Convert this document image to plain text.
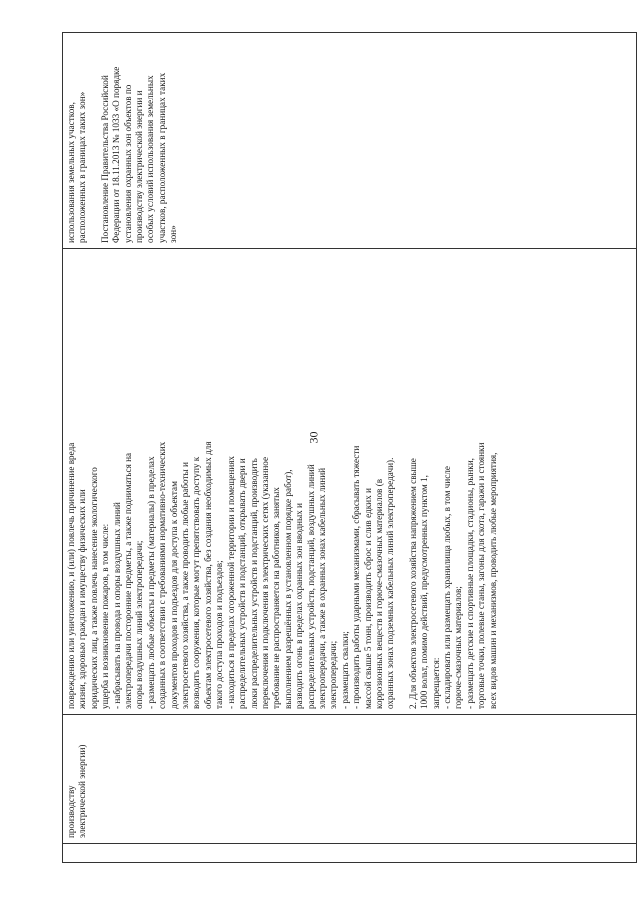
30

производству электрической энергии)

повреждению или уничтожению, и (или) повлечь причинение вреда жизни, здоровью граждан и имуществу физических или юридических лиц, а также повлечь нанесение экологического ущерба и возникновение пожаров, в том числе: - набрасывать на провода и опоры воздушных линий электропередачи посторонние предметы, а также подниматься на опоры воздушных линий электропередачи; - размещать любые объекты и предметы (материалы) в пределах созданных в соответствии с требованиями нормативно-технических документов проходов и подъездов для доступа к объектам электросетевого хозяйства, а также проводить любые работы и возводить сооружения, которые могут препятствовать доступу к объектам электросетевого хозяйства, без создания необходимых для такого доступа проходов и подъездов; - находиться в пределах огороженной территории и помещениях распределительных устройств и подстанций, открывать двери и люки распределительных устройств и подстанций, производить переключения и подключения в электрических сетях (указанное требование не распространяется на работников, занятых выполнением разрешённых в установленном порядке работ), разводить огонь в пределах охранных зон вводных и распределительных устройств, подстанций, воздушных линий электропередачи, а также в охранных зонах кабельных линий электропередачи; - размещать свалки; - производить работы ударными механизмами, сбрасывать тяжести массой свыше 5 тонн, производить сброс и слив едких и коррозионных веществ и горюче-смазочных материалов (в охранных зонах подземных кабельных линий электропередачи). 2. Для объектов электросетевого хозяйства напряжением свыше 1000 вольт, помимо действий, предусмотренных пунктом 1, запрещается: - складировать или размещать хранилища любых, в том числе горюче-смазочных материалов; - размещать детские и спортивные площадки, стадионы, рынки, торговые точки, полевые станы, загоны для скота, гаражи и стоянки всех видов машин и механизмов, проводить любые мероприятия,

использования земельных участков, расположенных в границах таких зон» Постановление Правительства Российской Федерации от 18.11.2013 № 1033 «О порядке установления охранных зон объектов по производству электрической энергии и особых условий использования земельных участков, расположенных в границах таких зон»
